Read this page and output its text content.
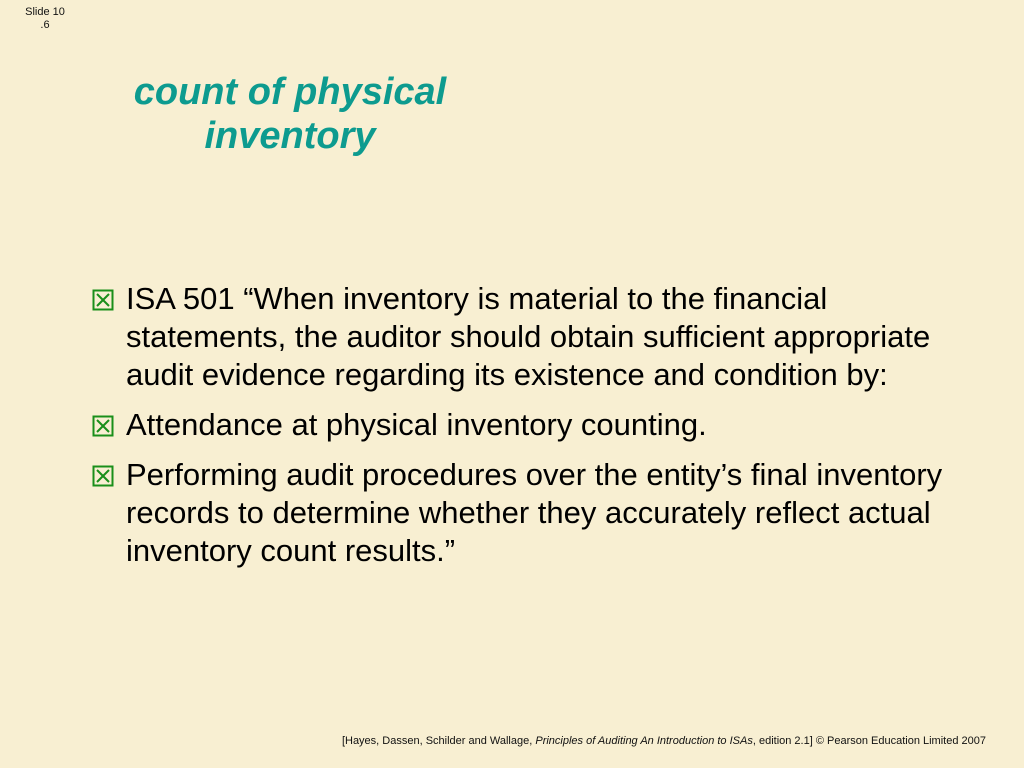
Slide 10
.6
count of physical
inventory
ISA 501 “When inventory is material to the financial statements, the auditor should obtain sufficient appropriate audit evidence regarding its existence and condition by:
Attendance at physical inventory counting.
Performing audit procedures over the entity’s final inventory records to determine whether they accurately reflect actual inventory count results.”
[Hayes, Dassen, Schilder and Wallage, Principles of Auditing An Introduction to ISAs, edition 2.1] © Pearson Education Limited 2007
